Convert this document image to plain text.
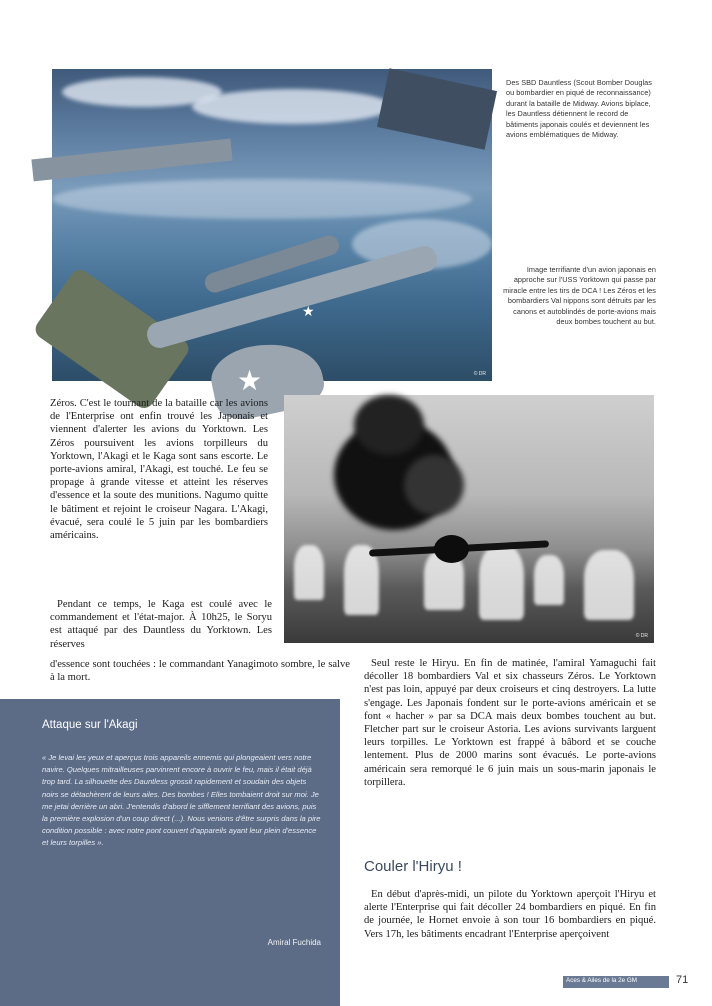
★
★
© DR
Des SBD Dauntless (Scout Bomber Douglas ou bombardier en piqué de reconnaissance) durant la bataille de Midway. Avions biplace, les Dauntless détiennent le record de bâtiments japonais coulés et deviennent les avions emblématiques de Midway.
Image terrifiante d'un avion japonais en approche sur l'USS Yorktown qui passe par miracle entre les tirs de DCA ! Les Zéros et les bombardiers Val nippons sont détruits par les canons et autoblindés de porte-avions mais deux bombes touchent au but.
© DR

Zéros. C'est le tournant de la bataille car les avions de l'Enterprise ont enfin trouvé les Japonais et viennent d'alerter les avions du Yorktown. Les Zéros poursuivent les avions torpilleurs du Yorktown, l'Akagi et le Kaga sont sans escorte. Le porte-avions amiral, l'Akagi, est touché. Le feu se propage à grande vitesse et atteint les réserves d'essence et la soute des munitions. Nagumo quitte le bâtiment et rejoint le croiseur Nagara. L'Akagi, évacué, sera coulé le 5 juin par les bombardiers américains.

Pendant ce temps, le Kaga est coulé avec le commandement et l'état-major. À 10h25, le Soryu est attaqué par des Dauntless du Yorktown. Les réserves

d'essence sont touchées : le commandant Yanagimoto sombre, le salve à la mort.

Seul reste le Hiryu. En fin de matinée, l'amiral Yamaguchi fait décoller 18 bombardiers Val et six chasseurs Zéros. Le Yorktown n'est pas loin, appuyé par deux croiseurs et cinq destroyers. La lutte s'engage. Les Japonais fondent sur le porte-avions américain et se font « hacher » par sa DCA mais deux bombes touchent au but. Fletcher part sur le croiseur Astoria. Les avions survivants larguent leurs torpilles. Le Yorktown est frappé à bâbord et se couche lentement. Plus de 2000 marins sont évacués. Le porte-avions américain sera remorqué le 6 juin mais un sous-marin japonais le torpillera.

Couler l'Hiryu !

En début d'après-midi, un pilote du Yorktown aperçoit l'Hiryu et alerte l'Enterprise qui fait décoller 24 bombardiers en piqué. En fin de journée, le Hornet envoie à son tour 16 bombardiers en piqué. Vers 17h, les bâtiments encadrant l'Enterprise aperçoivent

Attaque sur l'Akagi
« Je levai les yeux et aperçus trois appareils ennemis qui plongeaient vers notre navire. Quelques mitrailleuses parvinrent encore à ouvrir le feu, mais il était déjà trop tard. La silhouette des Dauntless grossit rapidement et soudain des objets noirs se détachèrent de leurs ailes. Des bombes ! Elles tombaient droit sur moi. Je me jetai derrière un abri. J'entendis d'abord le sifflement terrifiant des avions, puis la première explosion d'un coup direct (...). Nous venions d'être surpris dans la pire condition possible : avec notre pont couvert d'appareils ayant leur plein d'essence et leurs torpilles ».
Amiral Fuchida
Aces & Ailes de la 2e GM	71
